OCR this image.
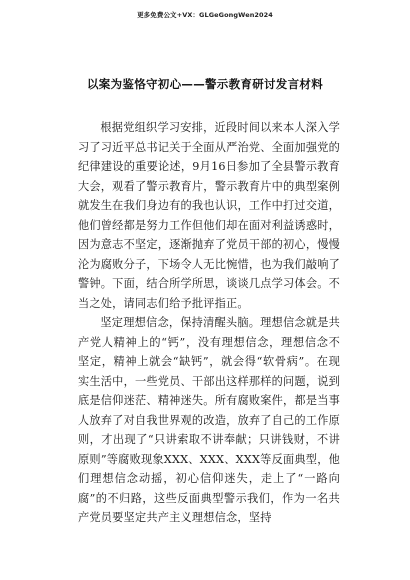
更多免费公文+VX：GLGeGongWen2024
以案为鉴恪守初心——警示教育研讨发言材料

根据党组织学习安排，近段时间以来本人深入学习了习近平总书记关于全面从严治党、全面加强党的纪律建设的重要论述，9月16日参加了全县警示教育大会，观看了警示教育片，警示教育片中的典型案例就发生在我们身边有的我也认识，工作中打过交道，他们曾经都是努力工作但他们却在面对利益诱惑时，因为意志不坚定，逐渐抛弃了党员干部的初心，慢慢沦为腐败分子，下场令人无比惋惜，也为我们敲响了警钟。下面，结合所学所思，谈谈几点学习体会。不当之处，请同志们给予批评指正。

坚定理想信念，保持清醒头脑。理想信念就是共产党人精神上的“钙”，没有理想信念，理想信念不坚定，精神上就会“缺钙”，就会得“软骨病”。在现实生活中，一些党员、干部出这样那样的问题，说到底是信仰迷茫、精神迷失。所有腐败案件，都是当事人放弃了对自我世界观的改造，放弃了自己的工作原则，才出现了“只讲索取不讲奉献；只讲钱财，不讲原则”等腐败现象XXX、XXX、XXX等反面典型，他们理想信念动摇，初心信仰迷失，走上了“一路向腐”的不归路，这些反面典型警示我们，作为一名共产党员要坚定共产主义理想信念，坚持
